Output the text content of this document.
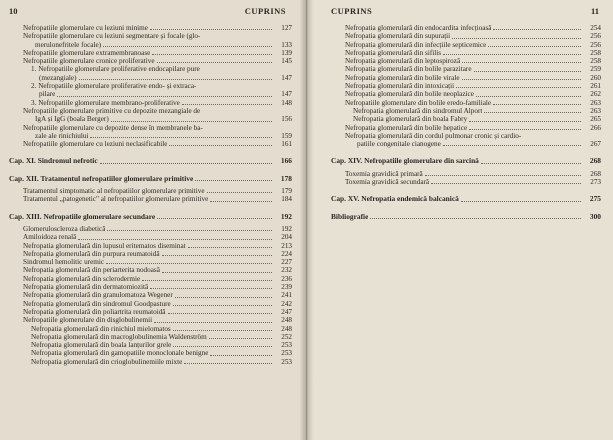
10	CUPRINS
Nefropatiile glomerulare cu leziuni minime	127
Nefropatiile glomerulare cu leziuni segmentare și focale (glo-
merulonefritele focale)	133
Nefropatiile glomerulare extramembranoase	139
Nefropatiile glomerulare cronice proliferative	145
1. Nefropatiile glomerulare proliferative endocapilare pure
(mezangiale)	147
2. Nefropatiile glomerulare proliferative endo- și extraca-
pilare	147
3. Nefropatiile glomerulare membrano-proliferative	148
Nefropatiile glomerulare primitive cu depozite mezangiale de
IgA și IgG (boala Berger)	156
Nefropatiile glomerulare cu depozite dense în membranele ba-
zale ale rinichiului	159
Nefropatiile glomerulare cu leziuni neclasificabile	161
Cap. XI. Sindromul nefrotic	166
Cap. XII. Tratamentul nefropatiilor glomerulare primitive	178
Tratamentul simptomatic al nefropatiilor glomerulare primitive	179
Tratamentul „patogenetic" al nefropatiilor glomerulare primitive	184
Cap. XIII. Nefropatiile glomerulare secundare	192
Glomeruloscleroza diabetică	192
Amiloidoza renală	204
Nefropatia glomerulară din lupusul eritematos diseminat	213
Nefropatia glomerulară din purpura reumatoidă	224
Sindromul hemolitic uremic	227
Nefropatia glomerulară din periarterita nodoasă	232
Nefropatia glomerulară din sclerodermie	236
Nefropatia glomerulară din dermatomiozită	239
Nefropatia glomerulară din granulomatoza Wegener	241
Nefropatia glomerulară din sindromul Goodpasture	242
Nefropatia glomerulară din poliartrita reumatoidă	247
Nefropatiile glomerulare din disglobulinemii	248
Nefropatia glomerulară din rinichiul mielomatos	248
Nefropatia glomerulară din macroglobulinemia Waldenström	252
Nefropatia glomerulară din boala lanțurilor grele	253
Nefropatia glomerulară din gamopatiile monoclonale benigne	253
Nefropatia glomerulară din crioglobulinemiile mixte	253
CUPRINS	11
Nefropatia glomerulară din endocardita infecțioasă	254
Nefropatia glomerulară din supurații	256
Nefropatia glomerulară din infecțiile septicemice	256
Nefropatia glomerulară din sifilis	258
Nefropatia glomerulară din leptospiroză	258
Nefropatia glomerulară din bolile parazitare	259
Nefropatia glomerulară din bolile virale	260
Nefropatia glomerulară din intoxicații	261
Nefropatia glomerulară din bolile neoplazice	262
Nefropatiile glomerulare din bolile eredo-familiale	263
Nefropatia glomerulară din sindromul Alport	263
Nefropatia glomerulară din boala Fabry	265
Nefropatia glomerulară din bolile hepatice	266
Nefropatia glomerulară din cordul pulmonar cronic și cardio-
patiile congenitale cianogene	267
Cap. XIV. Nefropatiile glomerulare din sarcină	268
Toxemia gravidică primară	268
Toxemia gravidică secundară	273
Cap. XV. Nefropatia endemică balcanică	275
Bibliografie	300
